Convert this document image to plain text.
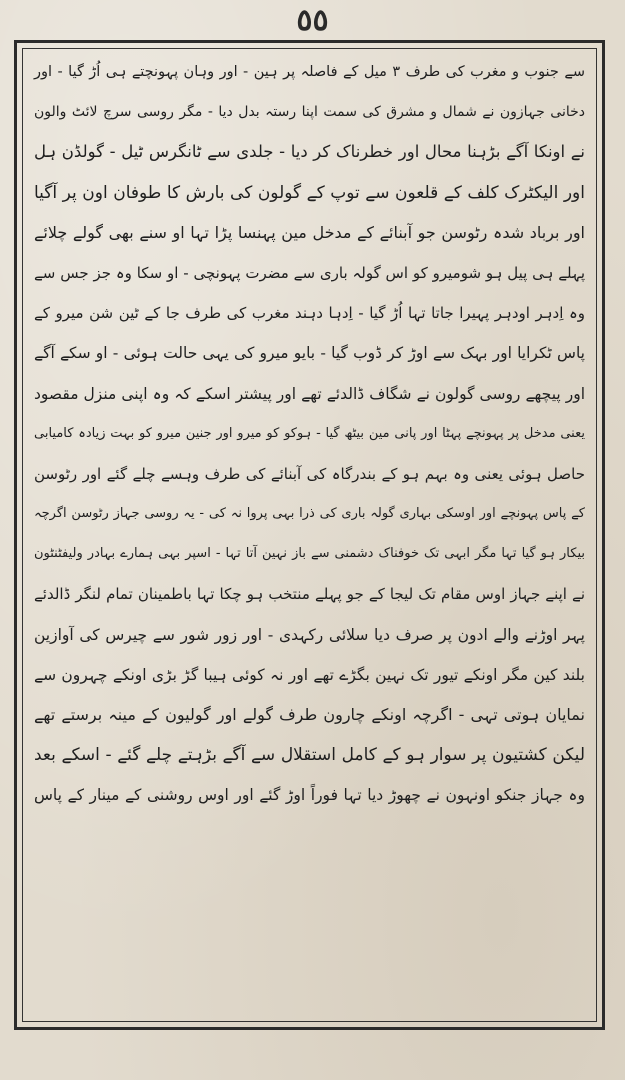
٥٥
سے جنوب و مغرب کی طرف ۳ میل کے فاصلہ پر ہین - اور وہان پہونچتے ہی اُڑ گیا - اور
دخانی جہازون نے شمال و مشرق کی سمت اپنا رستہ بدل دیا - مگر روسی سرچ لائٹ والون
نے اونکا آگے بڑہنا محال اور خطرناک کر دیا - جلدی سے ٹانگرس ٹیل - گولڈن ہل
اور الیکٹرک کلف کے قلعون سے توپ کے گولون کی بارش کا طوفان اون پر آگیا
اور برباد شدہ رٹوسن جو آبنائے کے مدخل مین پہنسا پڑا تہا او سنے بھی گولے چلائے
پہلے ہی پیل ہو شومیرو کو اس گولہ باری سے مضرت پہونچی - او سکا وہ جز جس سے
وہ اِدہر اودہر پہیرا جاتا تہا اُڑ گیا - اِدہا دہند مغرب کی طرف جا کے ٹین شن میرو کے
پاس ٹکرایا اور بہک سے اوڑ کر ڈوب گیا - بایو میرو کی یہی حالت ہوئی - او سکے آگے
اور پیچھے روسی گولون نے شگاف ڈالدئے تھے اور پیشتر اسکے کہ وہ اپنی منزل مقصود
یعنی مدخل پر پہونچے پہٹا اور پانی مین بیٹھ گیا - ہوکو کو میرو اور جنین میرو کو بہت زیادہ کامیابی
حاصل ہوئی یعنی وہ بہم ہو کے بندرگاہ کی آبنائے کی طرف وہسے چلے گئے اور رٹوسن
کے پاس پہونچے اور اوسکی بہاری گولہ باری کی ذرا بہی پروا نہ کی - یہ روسی جہاز رٹوسن اگرچہ
بیکار ہو گیا تہا مگر ابہی تک خوفناک دشمنی سے باز نہین آتا تہا - اسپر بہی ہمارے بہادر ولیفٹنٹون
نے اپنے جہاز اوس مقام تک لیجا کے جو پہلے منتخب ہو چکا تہا باطمینان تمام لنگر ڈالدئے
پہر اوڑنے والے ادون پر صرف دیا سلائی رکہدی - اور زور شور سے چیرس کی آوازین
بلند کین مگر اونکے تیور تک نہین بگڑے تھے اور نہ کوئی ہیبا گڑ بڑی اونکے چہرون سے
نمایان ہوتی تہی - اگرچہ اونکے چارون طرف گولے اور گولیون کے مینہ برستے تھے
لیکن کشتیون پر سوار ہو کے کامل استقلال سے آگے بڑہتے چلے گئے - اسکے بعد
وہ جہاز جنکو اونہون نے چھوڑ دیا تہا فوراً اوڑ گئے اور اوس روشنی کے مینار کے پاس
